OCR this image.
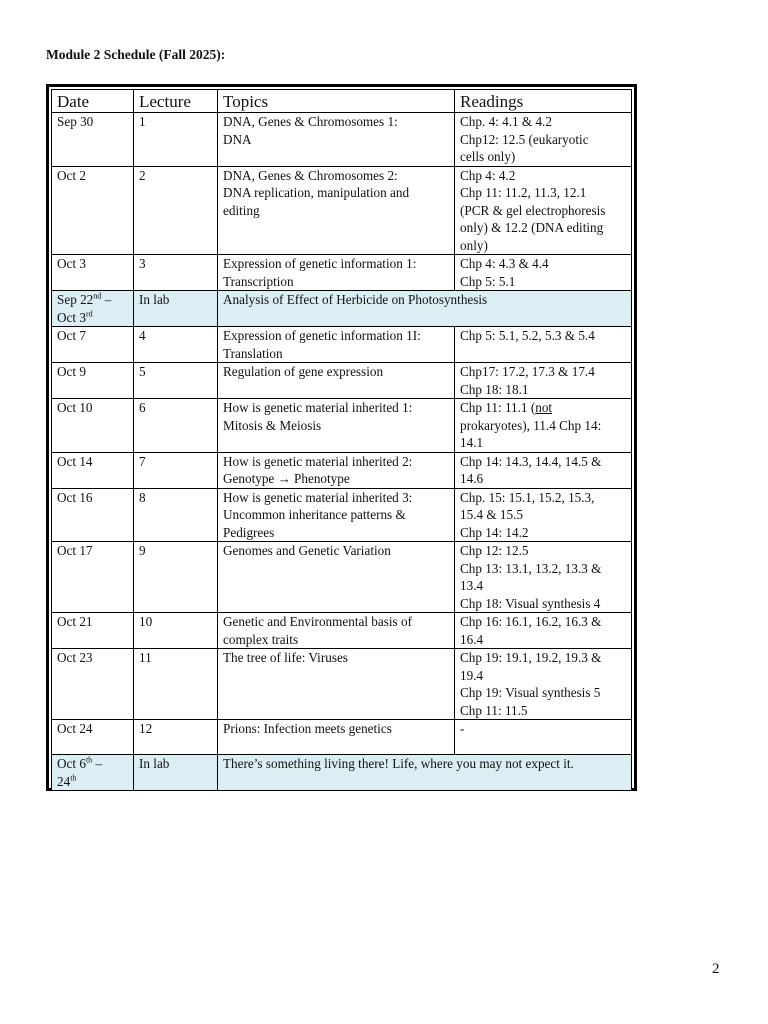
Module 2 Schedule (Fall 2025):
Date	Lecture	Topics	Readings
Sep 30	1	DNA, Genes & Chromosomes 1:
DNA	Chp. 4: 4.1 & 4.2
Chp12: 12.5 (eukaryotic
cells only)
Oct 2	2	DNA, Genes & Chromosomes 2:
DNA replication, manipulation and
editing	Chp 4: 4.2
Chp 11: 11.2, 11.3, 12.1
(PCR & gel electrophoresis
only) & 12.2 (DNA editing
only)
Oct 3	3	Expression of genetic information 1:
Transcription	Chp 4: 4.3 & 4.4
Chp 5: 5.1
Sep 22nd –
Oct 3rd	In lab	Analysis of Effect of Herbicide on Photosynthesis	
Oct 7	4	Expression of genetic information 1I:
Translation	Chp 5: 5.1, 5.2, 5.3 & 5.4
Oct 9	5	Regulation of gene expression	Chp17: 17.2, 17.3 & 17.4
Chp 18: 18.1
Oct 10	6	How is genetic material inherited 1:
Mitosis & Meiosis	Chp 11: 11.1 (not
prokaryotes), 11.4 Chp 14:
14.1
Oct 14	7	How is genetic material inherited 2:
Genotype → Phenotype	Chp 14: 14.3, 14.4, 14.5 &
14.6
Oct 16	8	How is genetic material inherited 3:
Uncommon inheritance patterns &
Pedigrees	Chp. 15: 15.1, 15.2, 15.3,
15.4 & 15.5
Chp 14: 14.2
Oct 17	9	Genomes and Genetic Variation	Chp 12: 12.5
Chp 13: 13.1, 13.2, 13.3 &
13.4
Chp 18: Visual synthesis 4
Oct 21	10	Genetic and Environmental basis of
complex traits	Chp 16: 16.1, 16.2, 16.3 &
16.4
Oct 23	11	The tree of life: Viruses	Chp 19: 19.1, 19.2, 19.3 &
19.4
Chp 19: Visual synthesis 5
Chp 11: 11.5
Oct 24	12	Prions: Infection meets genetics	-
Oct 6th –
24th	In lab	There’s something living there! Life, where you may not expect it.	
2
